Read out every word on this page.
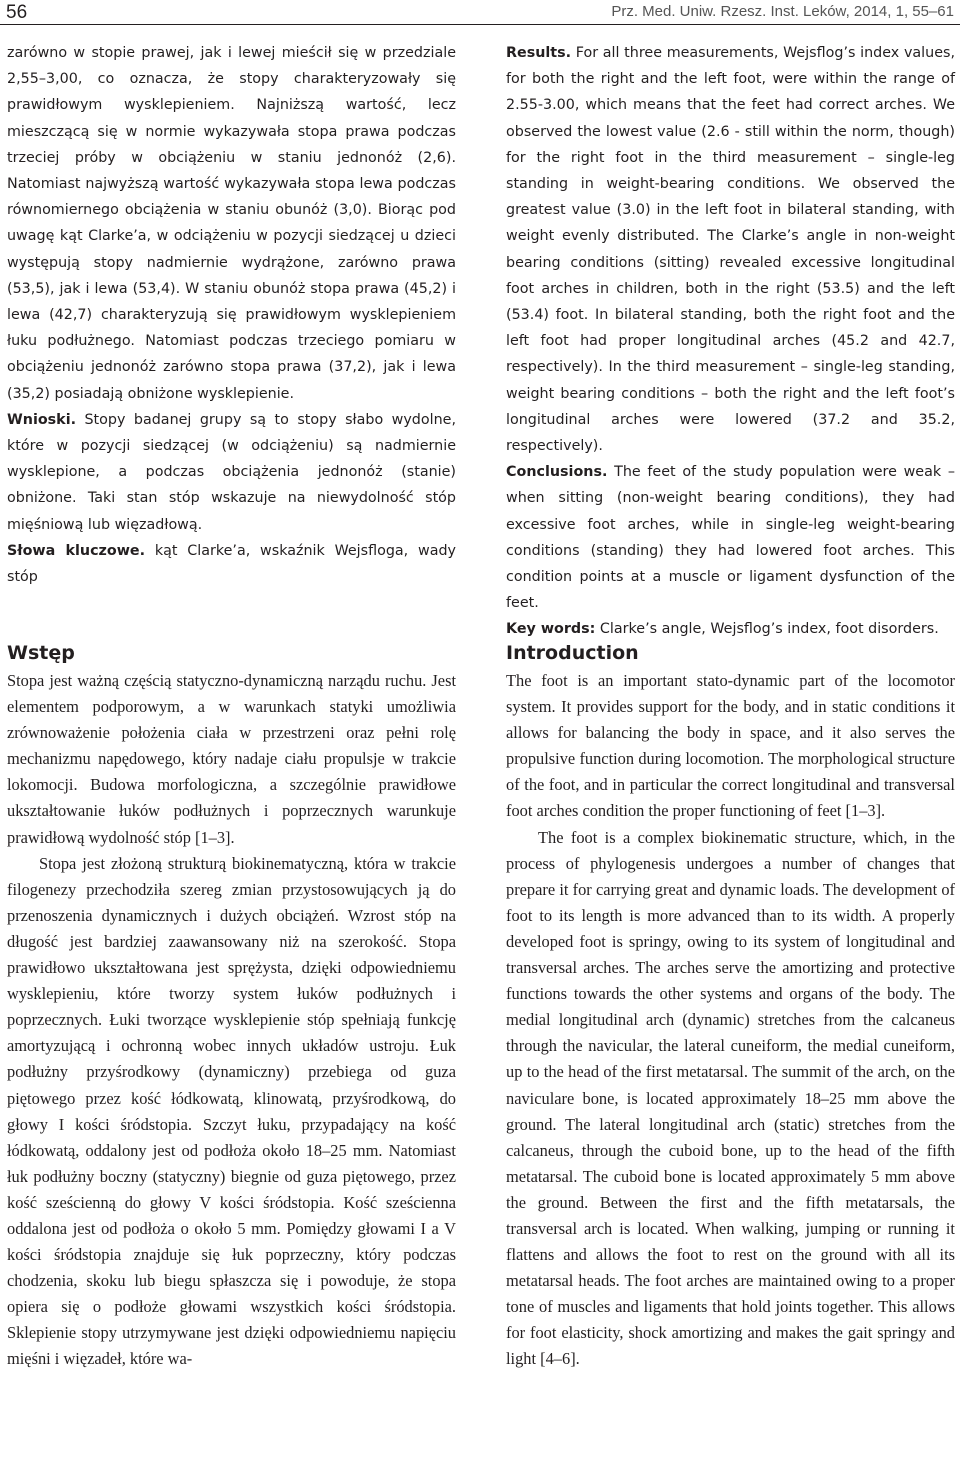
56	Prz. Med. Uniw. Rzesz. Inst. Leków, 2014, 1, 55–61

zarówno w stopie prawej, jak i lewej mieścił się w przedziale 2,55–3,00, co oznacza, że stopy charakteryzowały się prawidłowym wysklepieniem. Najniższą wartość, lecz mieszczącą się w normie wykazywała stopa prawa podczas trzeciej próby w obciążeniu w staniu jednonóż (2,6). Natomiast najwyższą wartość wykazywała stopa lewa podczas równomiernego obciążenia w staniu obunóż (3,0). Biorąc pod uwagę kąt Clarke’a, w odciążeniu w pozycji siedzącej u dzieci występują stopy nadmiernie wydrążone, zarówno prawa (53,5), jak i lewa (53,4). W staniu obunóż stopa prawa (45,2) i lewa (42,7) charakteryzują się prawidłowym wysklepieniem łuku podłużnego. Natomiast podczas trzeciego pomiaru w obciążeniu jednonóż zarówno stopa prawa (37,2), jak i lewa (35,2) posiadają obniżone wysklepienie.

Wnioski. Stopy badanej grupy są to stopy słabo wydolne, które w pozycji siedzącej (w odciążeniu) są nadmiernie wysklepione, a podczas obciążenia jednonóż (stanie) obniżone. Taki stan stóp wskazuje na niewydolność stóp mięśniową lub więzadłową.

Słowa kluczowe. kąt Clarke’a, wskaźnik Wejsfloga, wady stóp

Results. For all three measurements, Wejsflog’s index values, for both the right and the left foot, were within the range of 2.55-3.00, which means that the feet had correct arches. We observed the lowest value (2.6 - still within the norm, though) for the right foot in the third measurement – single-leg standing in weight-bearing conditions. We observed the greatest value (3.0) in the left foot in bilateral standing, with weight evenly distributed. The Clarke’s angle in non-weight bearing conditions (sitting) revealed excessive longitudinal foot arches in children, both in the right (53.5) and the left (53.4) foot. In bilateral standing, both the right foot and the left foot had proper longitudinal arches (45.2 and 42.7, respectively). In the third measurement – single-leg standing, weight bearing conditions – both the right and the left foot’s longitudinal arches were lowered (37.2 and 35.2, respectively).

Conclusions. The feet of the study population were weak – when sitting (non-weight bearing conditions), they had excessive foot arches, while in single-leg weight-bearing conditions (standing) they had lowered foot arches. This condition points at a muscle or ligament dysfunction of the feet.

Key words: Clarke’s angle, Wejsflog’s index, foot disorders.

Wstęp

Stopa jest ważną częścią statyczno-dynamiczną narządu ruchu. Jest elementem podporowym, a w warunkach statyki umożliwia zrównoważenie położenia ciała w przestrzeni oraz pełni rolę mechanizmu napędowego, który nadaje ciału propulsje w trakcie lokomocji. Budowa morfologiczna, a szczególnie prawidłowe ukształtowanie łuków podłużnych i poprzecznych warunkuje prawidłową wydolność stóp [1–3].

Stopa jest złożoną strukturą biokinematyczną, która w trakcie filogenezy przechodziła szereg zmian przystosowujących ją do przenoszenia dynamicznych i dużych obciążeń. Wzrost stóp na długość jest bardziej zaawansowany niż na szerokość. Stopa prawidłowo ukształtowana jest sprężysta, dzięki odpowiedniemu wysklepieniu, które tworzy system łuków podłużnych i poprzecznych. Łuki tworzące wysklepienie stóp spełniają funkcję amortyzującą i ochronną wobec innych układów ustroju. Łuk podłużny przyśrodkowy (dynamiczny) przebiega od guza piętowego przez kość łódkowatą, klinowatą, przyśrodkową, do głowy I kości śródstopia. Szczyt łuku, przypadający na kość łódkowatą, oddalony jest od podłoża około 18–25 mm. Natomiast łuk podłużny boczny (statyczny) biegnie od guza piętowego, przez kość sześcienną do głowy V kości śródstopia. Kość sześcienna oddalona jest od podłoża o około 5 mm. Pomiędzy głowami I a V kości śródstopia znajduje się łuk poprzeczny, który podczas chodzenia, skoku lub biegu spłaszcza się i powoduje, że stopa opiera się o podłoże głowami wszystkich kości śródstopia. Sklepienie stopy utrzymywane jest dzięki odpowiedniemu napięciu mięśni i więzadeł, które wa-

Introduction

The foot is an important stato-dynamic part of the locomotor system. It provides support for the body, and in static conditions it allows for balancing the body in space, and it also serves the propulsive function during locomotion. The morphological structure of the foot, and in particular the correct longitudinal and transversal foot arches condition the proper functioning of feet [1–3].

The foot is a complex biokinematic structure, which, in the process of phylogenesis undergoes a number of changes that prepare it for carrying great and dynamic loads. The development of foot to its length is more advanced than to its width. A properly developed foot is springy, owing to its system of longitudinal and transversal arches. The arches serve the amortizing and protective functions towards the other systems and organs of the body. The medial longitudinal arch (dynamic) stretches from the calcaneus through the navicular, the lateral cuneiform, the medial cuneiform, up to the head of the first metatarsal. The summit of the arch, on the naviculare bone, is located approximately 18–25 mm above the ground. The lateral longitudinal arch (static) stretches from the calcaneus, through the cuboid bone, up to the head of the fifth metatarsal. The cuboid bone is located approximately 5 mm above the ground. Between the first and the fifth metatarsals, the transversal arch is located. When walking, jumping or running it flattens and allows the foot to rest on the ground with all its metatarsal heads. The foot arches are maintained owing to a proper tone of muscles and ligaments that hold joints together. This allows for foot elasticity, shock amortizing and makes the gait springy and light [4–6].
